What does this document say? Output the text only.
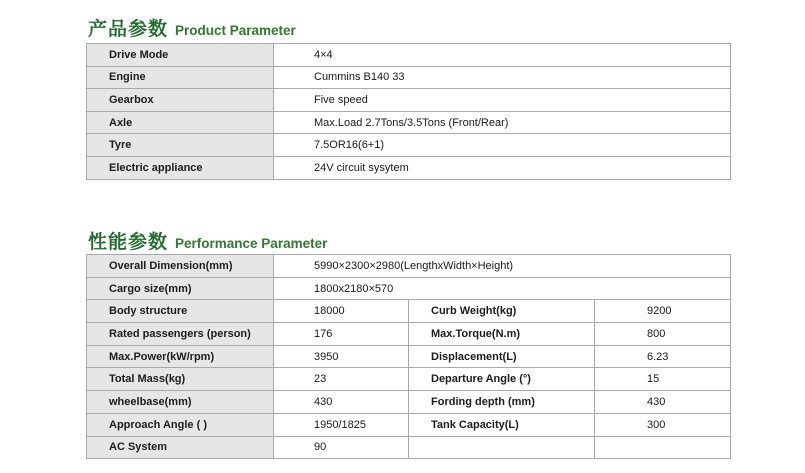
产品参数 Product Parameter
Drive Mode	4×4
Engine	Cummins B140 33
Gearbox	Five speed
Axle	Max.Load 2.7Tons/3.5Tons (Front/Rear)
Tyre	7.5OR16(6+1)
Electric appliance	24V circuit sysytem
性能参数 Performance Parameter
Overall Dimension(mm)	5990×2300×2980(LengthxWidth×Height)		
Cargo size(mm)	1800x2180×570		
Body structure	18000	Curb Weight(kg)	9200
Rated passengers (person)	176	Max.Torque(N.m)	800
Max.Power(kW/rpm)	3950	Displacement(L)	6.23
Total Mass(kg)	23	Departure Angle (°)	15
wheelbase(mm)	430	Fording depth (mm)	430
Approach Angle ( )	1950/1825	Tank Capacity(L)	300
AC System	90		
